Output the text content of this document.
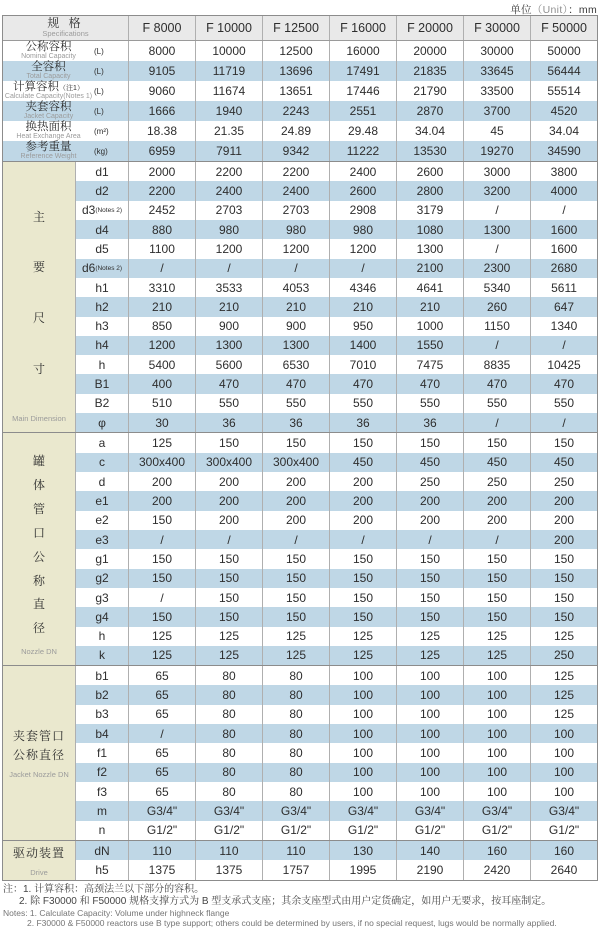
单位（Unit）：mm
规 格
Specifications	F 8000	F 10000	F 12500	F 16000	F 20000	F 30000	F 50000
公称容积
Nominal Capacity
(L)	8000	10000	12500	16000	20000	30000	50000
全容积
Total Capacity
(L)	9105	11719	13696	17491	21835	33645	56444
计算容积（注1）
Calculate Capacity(Notes 1)
(L)	9060	11674	13651	17446	21790	33500	55514
夹套容积
Jacket Capacity
(L)	1666	1940	2243	2551	2870	3700	4520
换热面积
Heat Exchange Area
(m²)	18.38	21.35	24.89	29.48	34.04	45	34.04
参考重量
Reference Weight
(kg)	6959	7911	9342	11222	13530	19270	34590
主
要
尺
寸
Main Dimension
d1	2000	2200	2200	2400	2600	3000	3800
d2	2200	2400	2400	2600	2800	3200	4000
d3 (Notes 2)	2452	2703	2703	2908	3179	/	/
d4	880	980	980	980	1080	1300	1600
d5	1100	1200	1200	1200	1300	/	1600
d6 (Notes 2)	/	/	/	/	2100	2300	2680
h1	3310	3533	4053	4346	4641	5340	5611
h2	210	210	210	210	210	260	647
h3	850	900	900	950	1000	1150	1340
h4	1200	1300	1300	1400	1550	/	/
h	5400	5600	6530	7010	7475	8835	10425
B1	400	470	470	470	470	470	470
B2	510	550	550	550	550	550	550
φ	30	36	36	36	36	/	/
罐
体
管
口
公
称
直
径
Nozzle DN
a	125	150	150	150	150	150	150
c	300x400	300x400	300x400	450	450	450	450
d	200	200	200	200	250	250	250
e1	200	200	200	200	200	200	200
e2	150	200	200	200	200	200	200
e3	/	/	/	/	/	/	200
g1	150	150	150	150	150	150	150
g2	150	150	150	150	150	150	150
g3	/	150	150	150	150	150	150
g4	150	150	150	150	150	150	150
h	125	125	125	125	125	125	125
k	125	125	125	125	125	125	250
夹套管口
公称直径
Jacket Nozzle DN
b1	65	80	80	100	100	100	125
b2	65	80	80	100	100	100	125
b3	65	80	80	100	100	100	125
b4	/	80	80	100	100	100	100
f1	65	80	80	100	100	100	100
f2	65	80	80	100	100	100	100
f3	65	80	80	100	100	100	100
m	G3/4"	G3/4"	G3/4"	G3/4"	G3/4"	G3/4"	G3/4"
n	G1/2"	G1/2"	G1/2"	G1/2"	G1/2"	G1/2"	G1/2"
驱动装置
Drive
dN	110	110	110	130	140	160	160
h5	1375	1375	1757	1995	2190	2420	2640
注：1. 计算容积：高颈法兰以下部分的容积。
2. 除 F30000 和 F50000 规格支撑方式为 B 型支承式支座；其余支座型式由用户定货确定，如用户无要求，按耳座制定。
Notes: 1. Calculate Capacity: Volume under highneck flange
2. F30000 & F50000 reactors use B type support; others could be determined by users, if no special request, lugs would be normally applied.
